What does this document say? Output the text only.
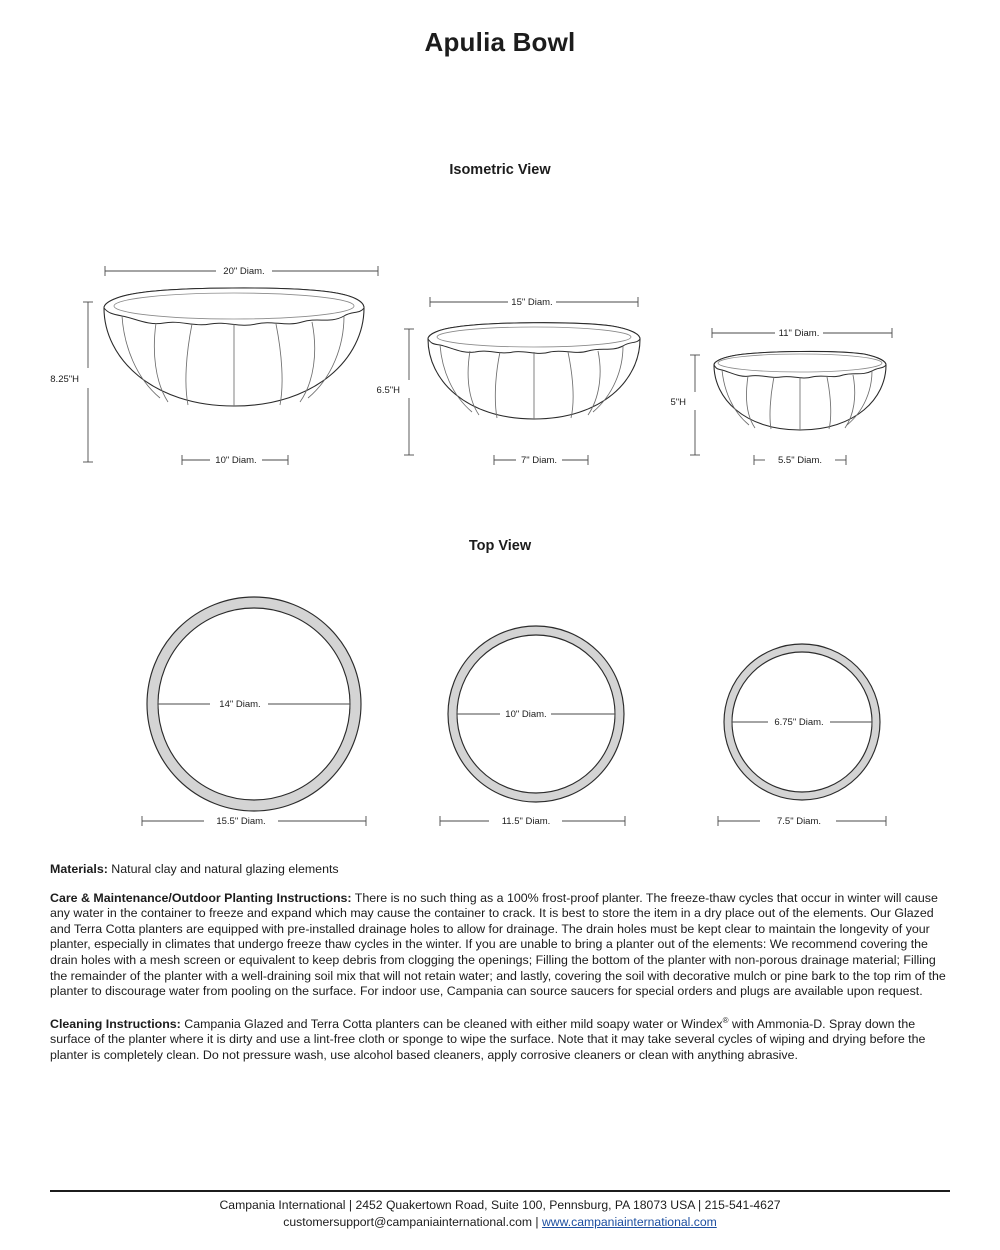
Apulia Bowl
Isometric View
20" Diam.
8.25"H
10" Diam.
15" Diam.
6.5"H
7" Diam.
11" Diam.
5"H
5.5" Diam.
Top View
14" Diam.
15.5" Diam.
10" Diam.
11.5" Diam.
6.75" Diam.
7.5" Diam.

Materials: Natural clay and natural glazing elements

Care & Maintenance/Outdoor Planting Instructions: There is no such thing as a 100% frost-proof planter. The freeze-thaw cycles that occur in winter will cause any water in the container to freeze and expand which may cause the container to crack. It is best to store the item in a dry place out of the elements. Our Glazed and Terra Cotta planters are equipped with pre-installed drainage holes to allow for drainage. The drain holes must be kept clear to maintain the longevity of your planter, especially in climates that undergo freeze thaw cycles in the winter. If you are unable to bring a planter out of the elements: We recommend covering the drain holes with a mesh screen or equivalent to keep debris from clogging the openings; Filling the bottom of the planter with non-porous drainage material; Filling the remainder of the planter with a well-draining soil mix that will not retain water; and lastly, covering the soil with decorative mulch or pine bark to the top rim of the planter to discourage water from pooling on the surface. For indoor use, Campania can source saucers for special orders and plugs are available upon request.

Cleaning Instructions: Campania Glazed and Terra Cotta planters can be cleaned with either mild soapy water or Windex® with Ammonia-D. Spray down the surface of the planter where it is dirty and use a lint-free cloth or sponge to wipe the surface. Note that it may take several cycles of wiping and drying before the planter is completely clean. Do not pressure wash, use alcohol based cleaners, apply corrosive cleaners or clean with anything abrasive.

Campania International | 2452 Quakertown Road, Suite 100, Pennsburg, PA 18073 USA | 215-541-4627
customersupport@campaniainternational.com | www.campaniainternational.com
